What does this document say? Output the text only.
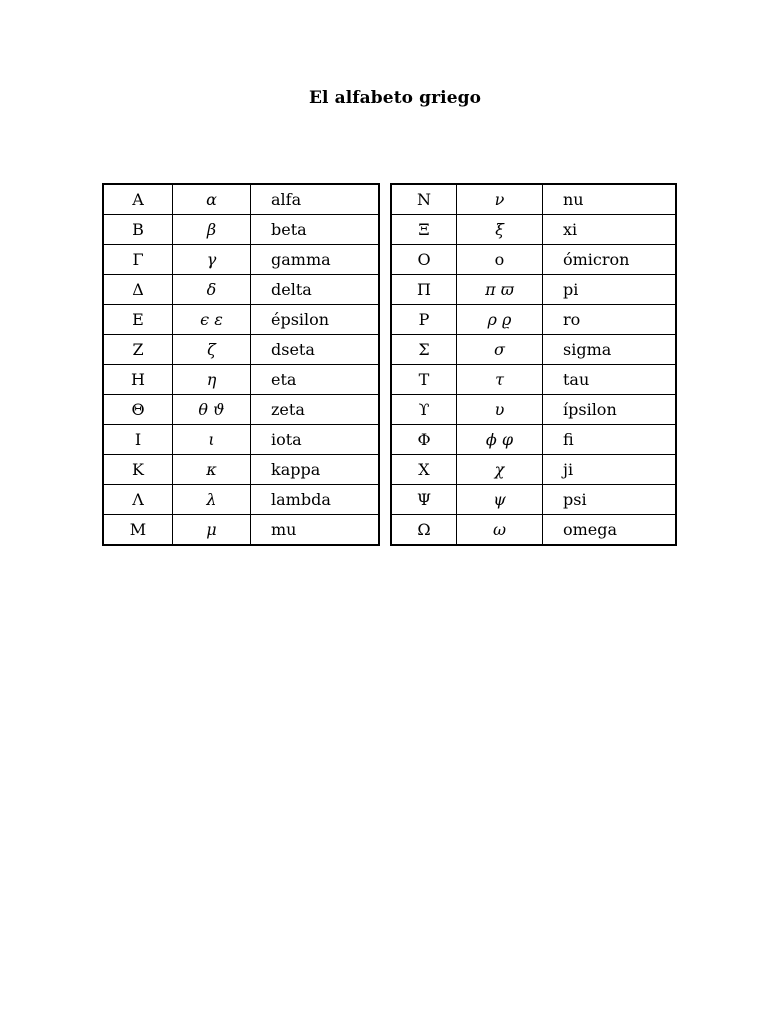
El alfabeto griego
Α	α	alfa
Β	β	beta
Γ	γ	gamma
Δ	δ	delta
Ε	ϵ ε	épsilon
Ζ	ζ	dseta
Η	η	eta
Θ	θ ϑ	zeta
Ι	ι	iota
Κ	κ	kappa
Λ	λ	lambda
Μ	μ	mu
Ν	ν	nu
Ξ	ξ	xi
Ο	o	ómicron
Π	π ϖ	pi
Ρ	ρ ϱ	ro
Σ	σ	sigma
Τ	τ	tau
ϒ	υ	ípsilon
Φ	ϕ φ	fi
Χ	χ	ji
Ψ	ψ	psi
Ω	ω	omega
